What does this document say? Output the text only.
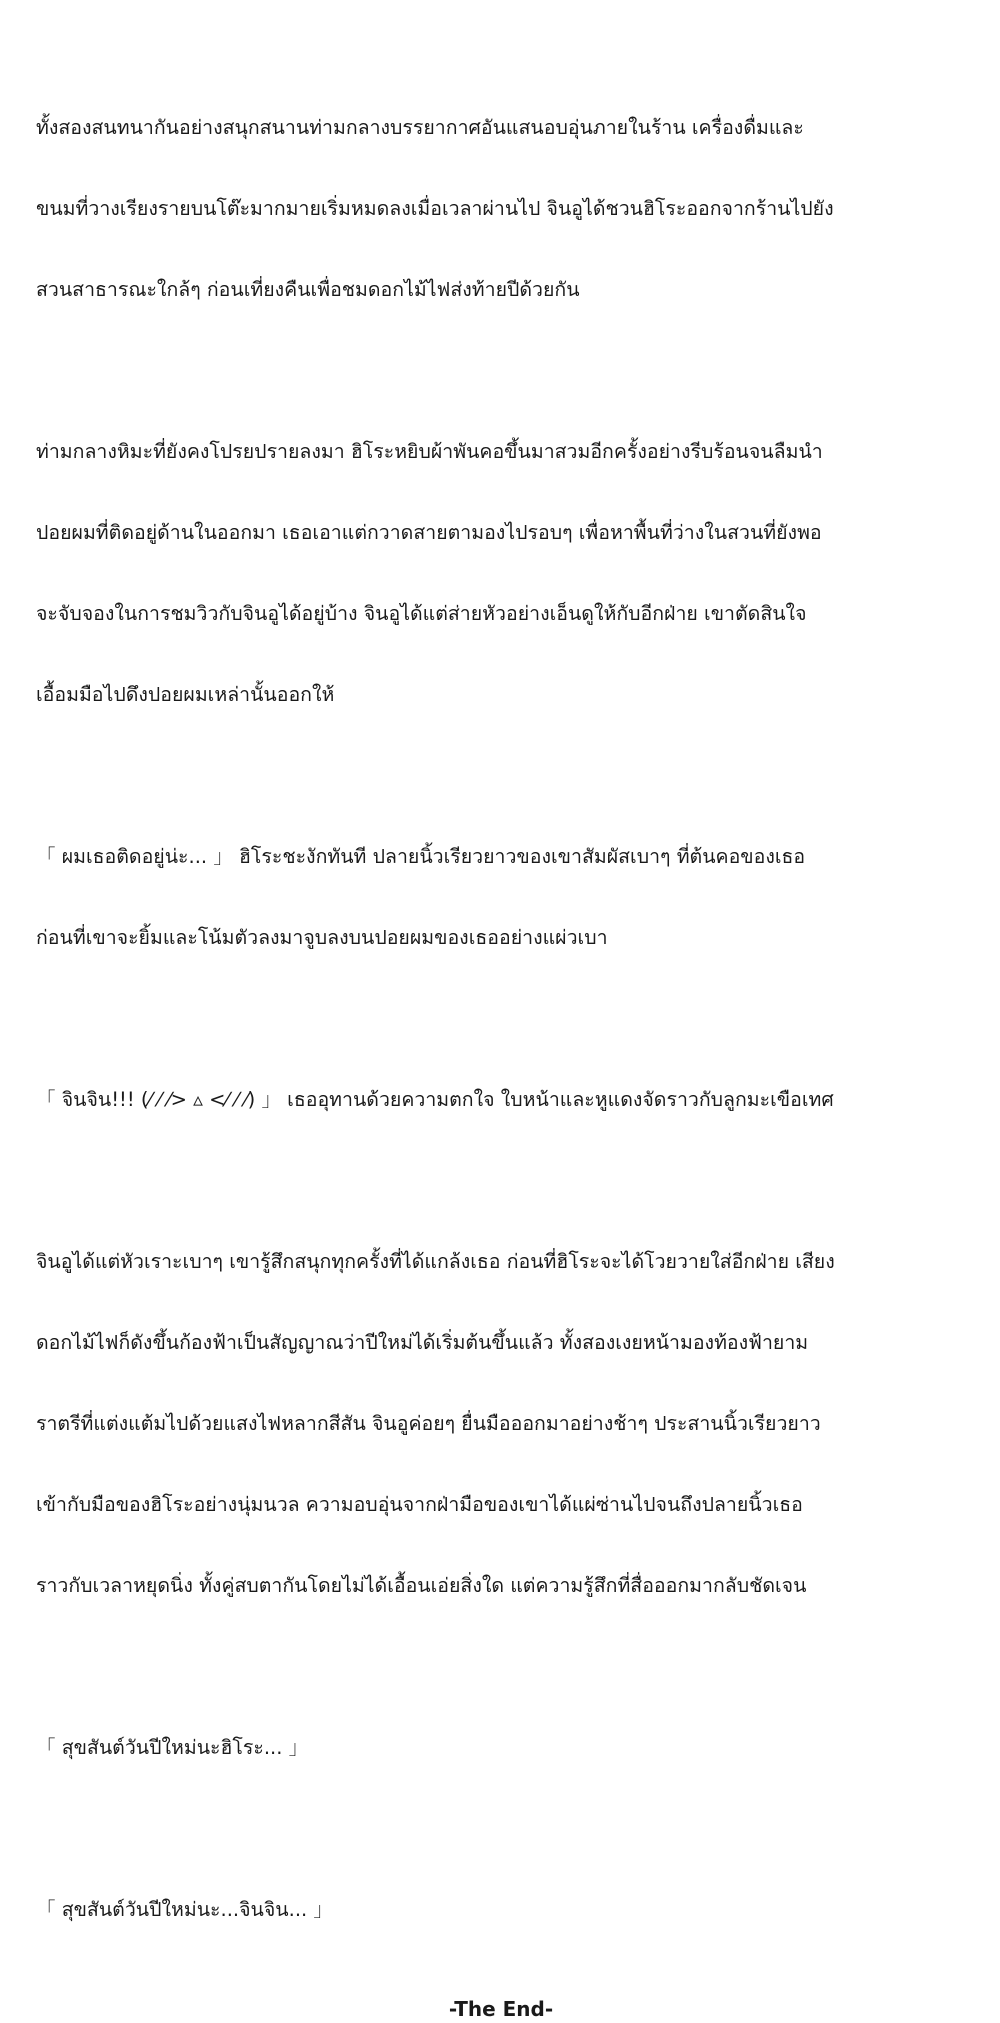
ทั้งสองสนทนากันอย่างสนุกสนานท่ามกลางบรรยากาศอันแสนอบอุ่นภายในร้าน เครื่องดื่มและ

ขนมที่วางเรียงรายบนโต๊ะมากมายเริ่มหมดลงเมื่อเวลาผ่านไป จินอูได้ชวนฮิโระออกจากร้านไปยัง

สวนสาธารณะใกล้ๆ ก่อนเที่ยงคืนเพื่อชมดอกไม้ไฟส่งท้ายปีด้วยกัน

ท่ามกลางหิมะที่ยังคงโปรยปรายลงมา ฮิโระหยิบผ้าพันคอขึ้นมาสวมอีกครั้งอย่างรีบร้อนจนลืมนำ

ปอยผมที่ติดอยู่ด้านในออกมา เธอเอาแต่กวาดสายตามองไปรอบๆ เพื่อหาพื้นที่ว่างในสวนที่ยังพอ

จะจับจองในการชมวิวกับจินอูได้อยู่บ้าง จินอูได้แต่ส่ายหัวอย่างเอ็นดูให้กับอีกฝ่าย เขาตัดสินใจ

เอื้อมมือไปดึงปอยผมเหล่านั้นออกให้

「 ผมเธอติดอยู่น่ะ... 」 ฮิโระชะงักทันที ปลายนิ้วเรียวยาวของเขาสัมผัสเบาๆ ที่ต้นคอของเธอ

ก่อนที่เขาจะยิ้มและโน้มตัวลงมาจูบลงบนปอยผมของเธออย่างแผ่วเบา

「 จินจิน!!! (⁄ ⁄ ⁄> ▵ <⁄ ⁄ ⁄) 」 เธออุทานด้วยความตกใจ ใบหน้าและหูแดงจัดราวกับลูกมะเขือเทศ

จินอูได้แต่หัวเราะเบาๆ เขารู้สึกสนุกทุกครั้งที่ได้แกล้งเธอ ก่อนที่ฮิโระจะได้โวยวายใส่อีกฝ่าย เสียง

ดอกไม้ไฟก็ดังขึ้นก้องฟ้าเป็นสัญญาณว่าปีใหม่ได้เริ่มต้นขึ้นแล้ว ทั้งสองเงยหน้ามองท้องฟ้ายาม

ราตรีที่แต่งแต้มไปด้วยแสงไฟหลากสีสัน จินอูค่อยๆ ยื่นมือออกมาอย่างช้าๆ ประสานนิ้วเรียวยาว

เข้ากับมือของฮิโระอย่างนุ่มนวล ความอบอุ่นจากฝ่ามือของเขาได้แผ่ซ่านไปจนถึงปลายนิ้วเธอ

ราวกับเวลาหยุดนิ่ง ทั้งคู่สบตากันโดยไม่ได้เอื้อนเอ่ยสิ่งใด แต่ความรู้สึกที่สื่อออกมากลับชัดเจน

「 สุขสันต์วันปีใหม่นะฮิโระ... 」

「 สุขสันต์วันปีใหม่นะ...จินจิน... 」

-The End-
